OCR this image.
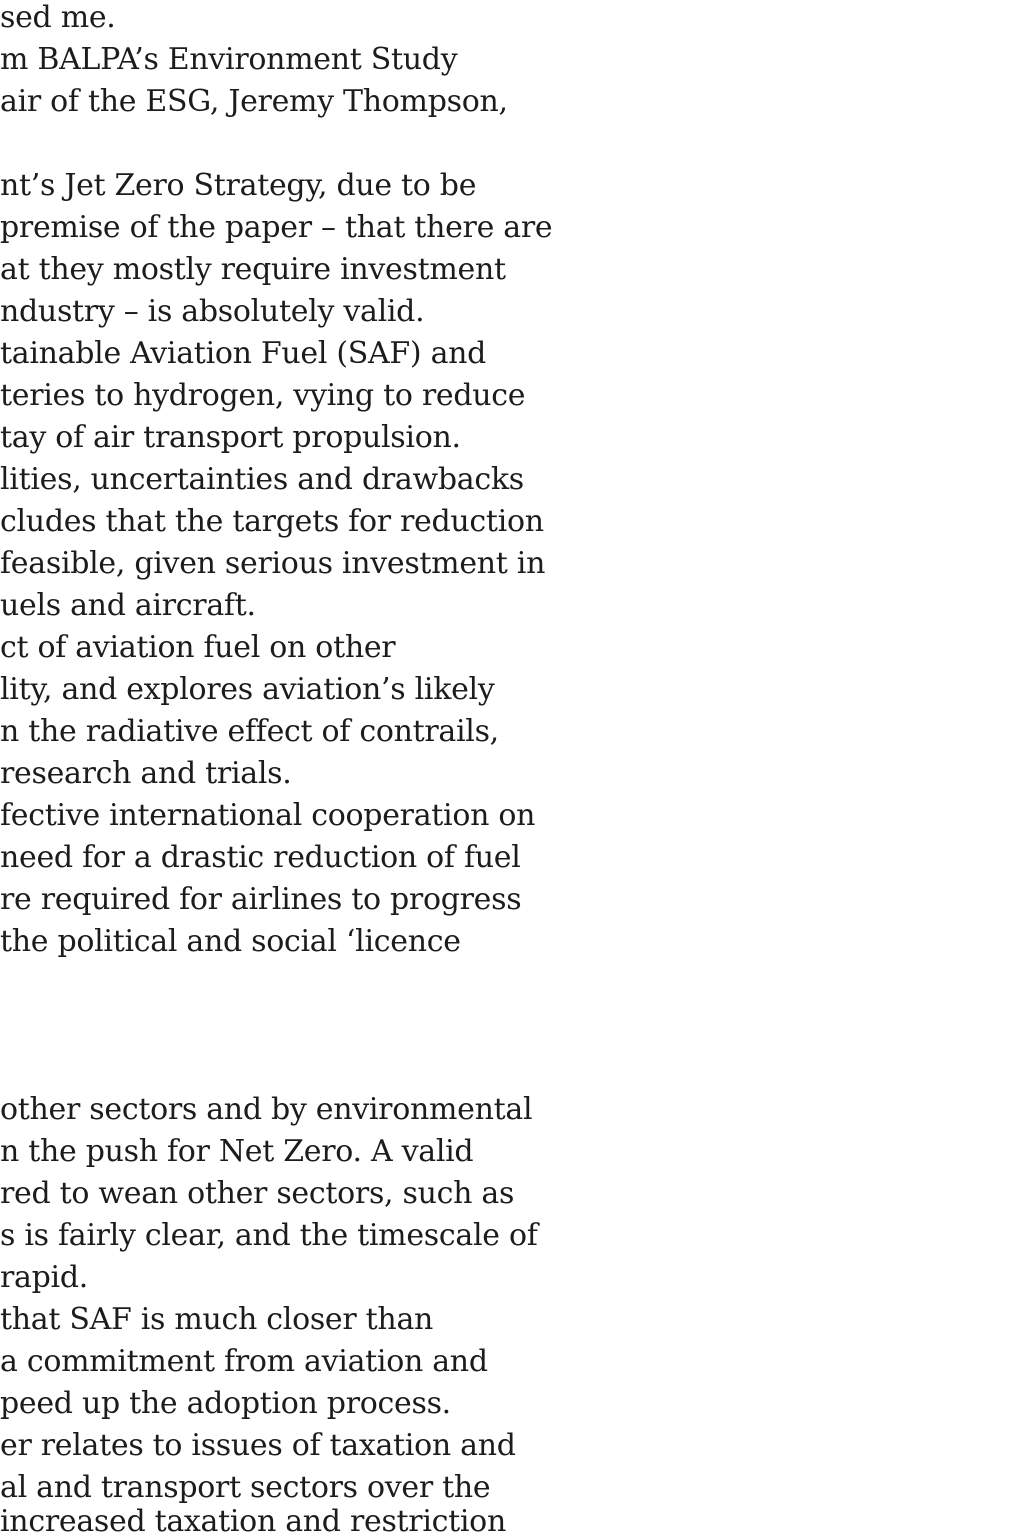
sed me.

m BALPA’s Environment Study

air of the ESG, Jeremy Thompson,

nt’s Jet Zero Strategy, due to be

premise of the paper – that there are

at they mostly require investment

ndustry – is absolutely valid.

tainable Aviation Fuel (SAF) and

teries to hydrogen, vying to reduce

tay of air transport propulsion.

lities, uncertainties and drawbacks

cludes that the targets for reduction

feasible, given serious investment in

uels and aircraft.

ct of aviation fuel on other

lity, and explores aviation’s likely

n the radiative effect of contrails,

research and trials.

fective international cooperation on

need for a drastic reduction of fuel

re required for airlines to progress

the political and social ‘licence

other sectors and by environmental

n the push for Net Zero. A valid

red to wean other sectors, such as

s is fairly clear, and the timescale of

rapid.

that SAF is much closer than

a commitment from aviation and

peed up the adoption process.

er relates to issues of taxation and

al and transport sectors over the

increased taxation and restriction
